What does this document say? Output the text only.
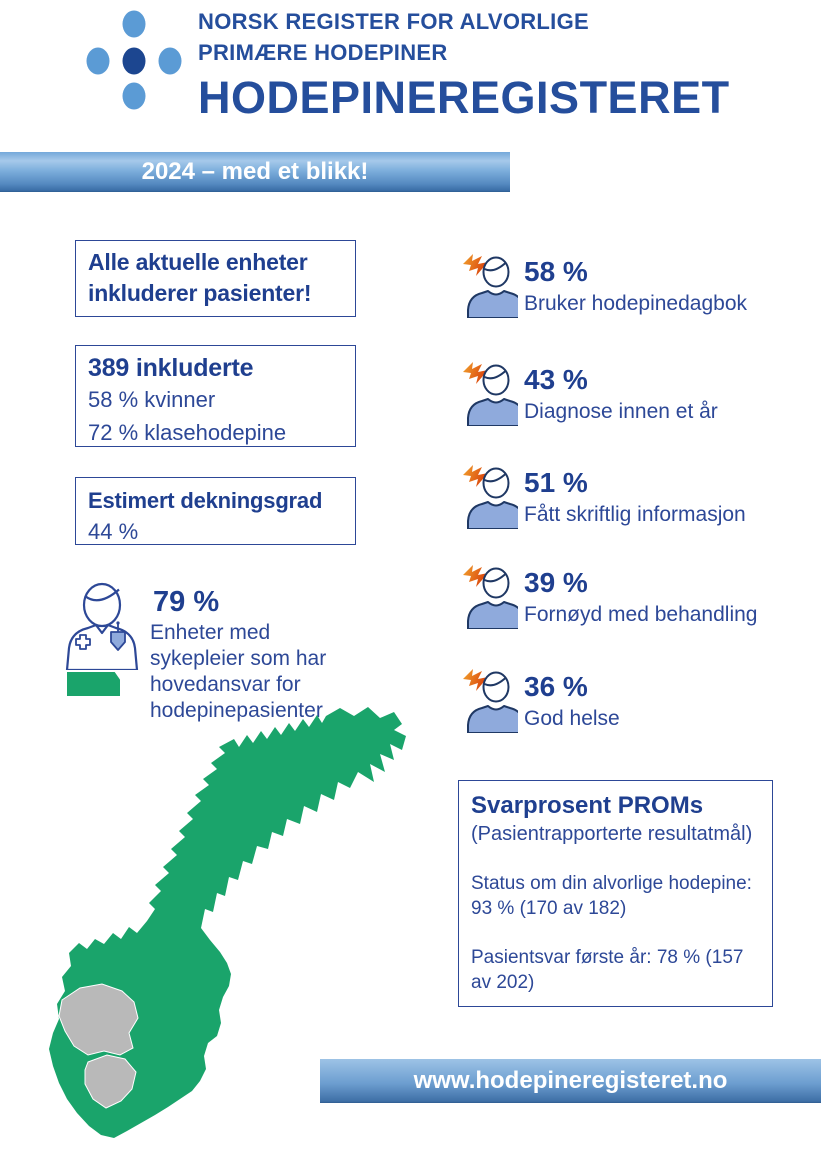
NORSK REGISTER FOR ALVORLIGE
PRIMÆRE HODEPINER
HODEPINEREGISTERET
2024 – med et blikk!
Alle aktuelle enheter
inkluderer pasienter!
389 inkluderte
58 % kvinner
72 % klasehodepine
Estimert dekningsgrad
44 %
79 %
Enheter med
sykepleier som har
hovedansvar for
hodepinepasienter
58 %
Bruker hodepinedagbok
43 %
Diagnose innen et år
51 %
Fått skriftlig informasjon
39 %
Fornøyd med behandling
36 %
God helse
Svarprosent PROMs
(Pasientrapporterte resultatmål)
Status om din alvorlige hodepine:
93 % (170 av 182)
Pasientsvar første år: 78 % (157
av 202)
www.hodepineregisteret.no
